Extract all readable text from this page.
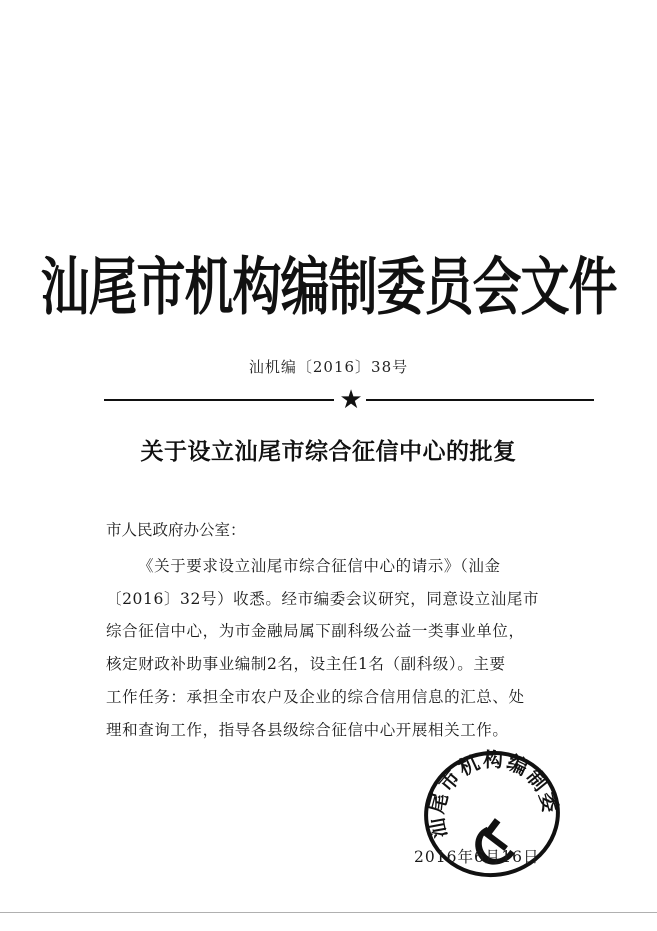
汕尾市机构编制委员会文件
汕机编〔2016〕38号
★
关于设立汕尾市综合征信中心的批复
市人民政府办公室：
《关于要求设立汕尾市综合征信中心的请示》（汕金
〔2016〕32号）收悉。经市编委会议研究，同意设立汕尾市
综合征信中心，为市金融局属下副科级公益一类事业单位，
核定财政补助事业编制2名，设主任1名（副科级）。主要
工作任务：承担全市农户及企业的综合信用信息的汇总、处
理和查询工作，指导各县级综合征信中心开展相关工作。
汕尾市机构编制委员会
2016年6月16日
